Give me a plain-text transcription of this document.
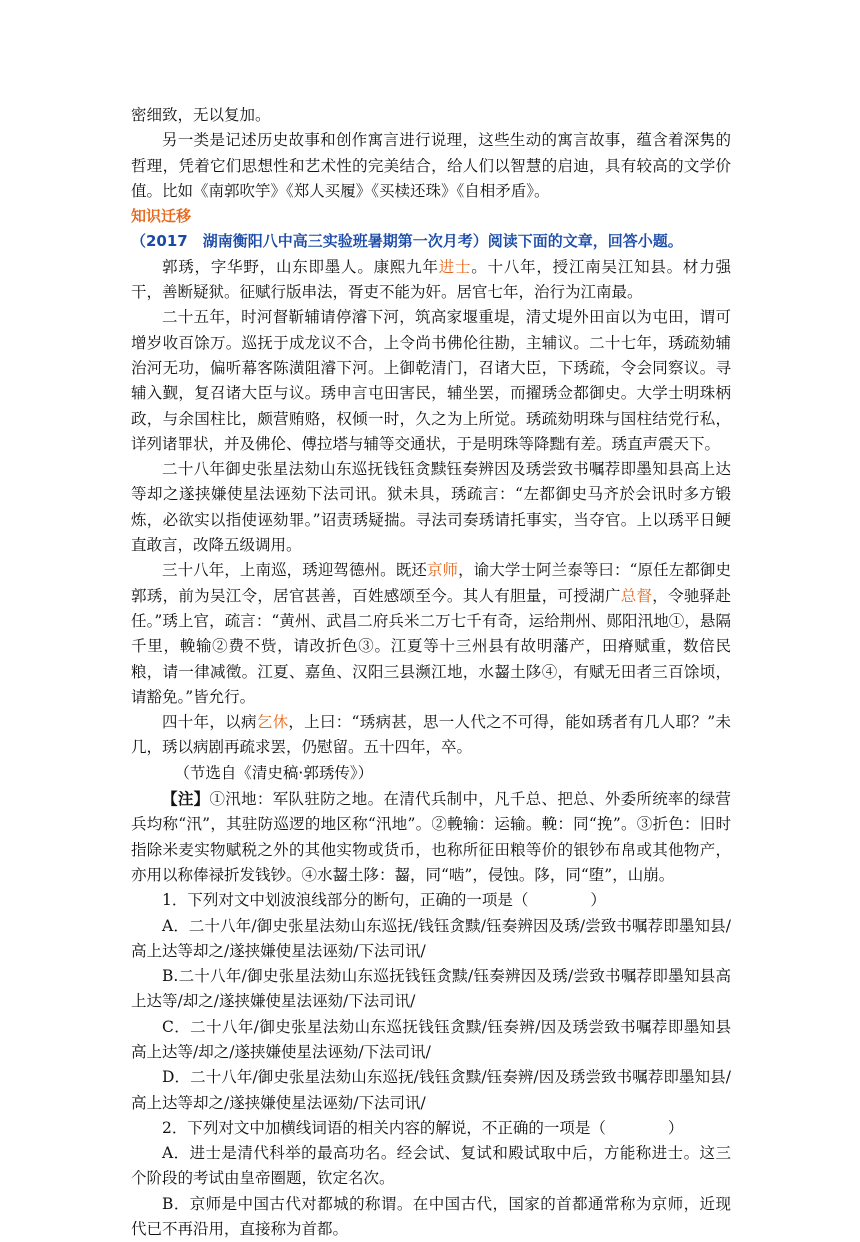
密细致，无以复加。

另一类是记述历史故事和创作寓言进行说理，这些生动的寓言故事，蕴含着深隽的哲理，凭着它们思想性和艺术性的完美结合，给人们以智慧的启迪，具有较高的文学价值。比如《南郭吹竽》《郑人买履》《买椟还珠》《自相矛盾》。

知识迁移

（2017　湖南衡阳八中高三实验班暑期第一次月考）阅读下面的文章，回答小题。

郭琇，字华野，山东即墨人。康熙九年进士。十八年，授江南吴江知县。材力强干，善断疑狱。征赋行版串法，胥吏不能为奸。居官七年，治行为江南最。

二十五年，时河督靳辅请停濬下河，筑高家堰重堤，清丈堤外田亩以为屯田，谓可增岁收百馀万。巡抚于成龙议不合，上令尚书佛伦往勘，主辅议。二十七年，琇疏劾辅治河无功，偏听幕客陈潢阻濬下河。上御乾清门，召诸大臣，下琇疏，令会同察议。寻辅入觐，复召诸大臣与议。琇申言屯田害民，辅坐罢，而擢琇佥都御史。大学士明珠柄政，与余国柱比，颇营贿赂，权倾一时，久之为上所觉。琇疏劾明珠与国柱结党行私，详列诸罪状，并及佛伦、傅拉塔与辅等交通状，于是明珠等降黜有差。琇直声震天下。

二十八年御史张星法劾山东巡抚钱钰贪黩钰奏辨因及琇尝致书嘱荐即墨知县高上达等却之遂挟嫌使星法诬劾下法司讯。狱未具，琇疏言：“左都御史马齐於会讯时多方锻炼，必欲实以指使诬劾罪。”诏责琇疑揣。寻法司奏琇请托事实，当夺官。上以琇平日鲠直敢言，改降五级调用。

三十八年，上南巡，琇迎驾德州。既还京师，谕大学士阿兰泰等曰：“原任左都御史郭琇，前为吴江令，居官甚善，百姓感颂至今。其人有胆量，可授湖广总督，令驰驿赴任。”琇上官，疏言：“黄州、武昌二府兵米二万七千有奇，运给荆州、郧阳汛地①，悬隔千里，輓输②费不赀，请改折色③。江夏等十三州县有故明藩产，田瘠赋重，数倍民粮，请一律减徵。江夏、嘉鱼、汉阳三县濒江地，水齧土陊④，有赋无田者三百馀顷，请豁免。”皆允行。

四十年，以病乞休，上曰：“琇病甚，思一人代之不可得，能如琇者有几人耶？”未几，琇以病剧再疏求罢，仍慰留。五十四年，卒。

（节选自《清史稿·郭琇传》）

【注】①汛地：军队驻防之地。在清代兵制中，凡千总、把总、外委所统率的绿营兵均称“汛”，其驻防巡逻的地区称“汛地”。②輓输：运输。輓：同“挽”。③折色：旧时指除米麦实物赋税之外的其他实物或货币，也称所征田粮等价的银钞布帛或其他物产，亦用以称俸禄折发钱钞。④水齧土陊：齧，同“啮”，侵蚀。陊，同“堕”，山崩。

1．下列对文中划波浪线部分的断句，正确的一项是（　　　　）

A．二十八年/御史张星法劾山东巡抚/钱钰贪黩/钰奏辨因及琇/尝致书嘱荐即墨知县/高上达等却之/遂挟嫌使星法诬劾/下法司讯/

B.二十八年/御史张星法劾山东巡抚钱钰贪黩/钰奏辨因及琇/尝致书嘱荐即墨知县高上达等/却之/遂挟嫌使星法诬劾/下法司讯/

C．二十八年/御史张星法劾山东巡抚钱钰贪黩/钰奏辨/因及琇尝致书嘱荐即墨知县高上达等/却之/遂挟嫌使星法诬劾/下法司讯/

D．二十八年/御史张星法劾山东巡抚/钱钰贪黩/钰奏辨/因及琇尝致书嘱荐即墨知县/高上达等却之/遂挟嫌使星法诬劾/下法司讯/

2．下列对文中加横线词语的相关内容的解说，不正确的一项是（　　　　）

A．进士是清代科举的最高功名。经会试、复试和殿试取中后，方能称进士。这三个阶段的考试由皇帝圈题，钦定名次。

B．京师是中国古代对都城的称谓。在中国古代，国家的首都通常称为京师，近现代已不再沿用，直接称为首都。
